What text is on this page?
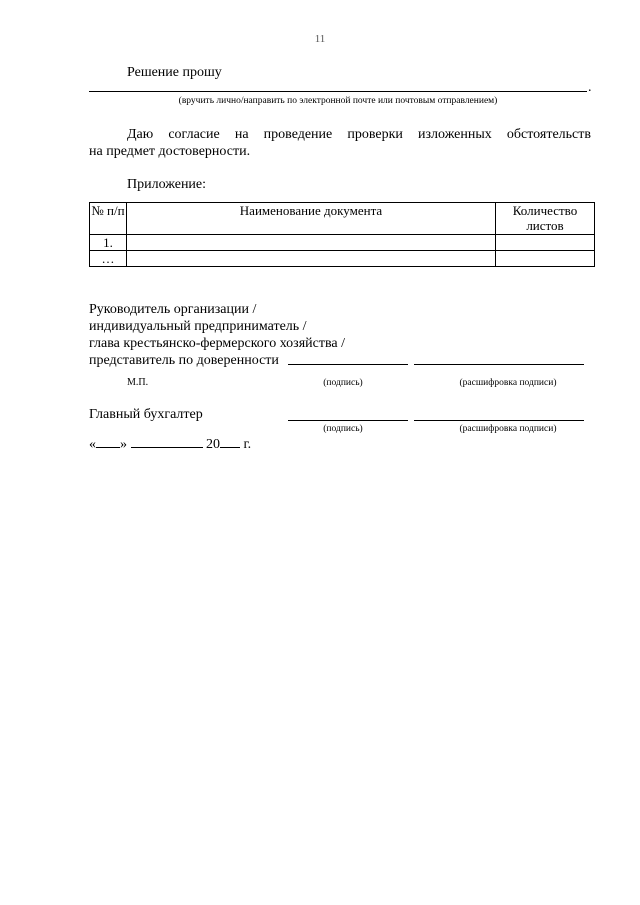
11
Решение прошу
.
(вручить лично/направить по электронной почте или почтовым отправлением)
Даю согласие на проведение проверки изложенных обстоятельств
на предмет достоверности.
Приложение:
№ п/п	Наименование документа	Количество листов
1.		
…		
Руководитель организации /
индивидуальный предприниматель /
глава крестьянско-фермерского хозяйства /
представитель по доверенности
М.П.	(подпись)	(расшифровка подписи)
Главный бухгалтер
(подпись)	(расшифровка подписи)
« »	20 г.
